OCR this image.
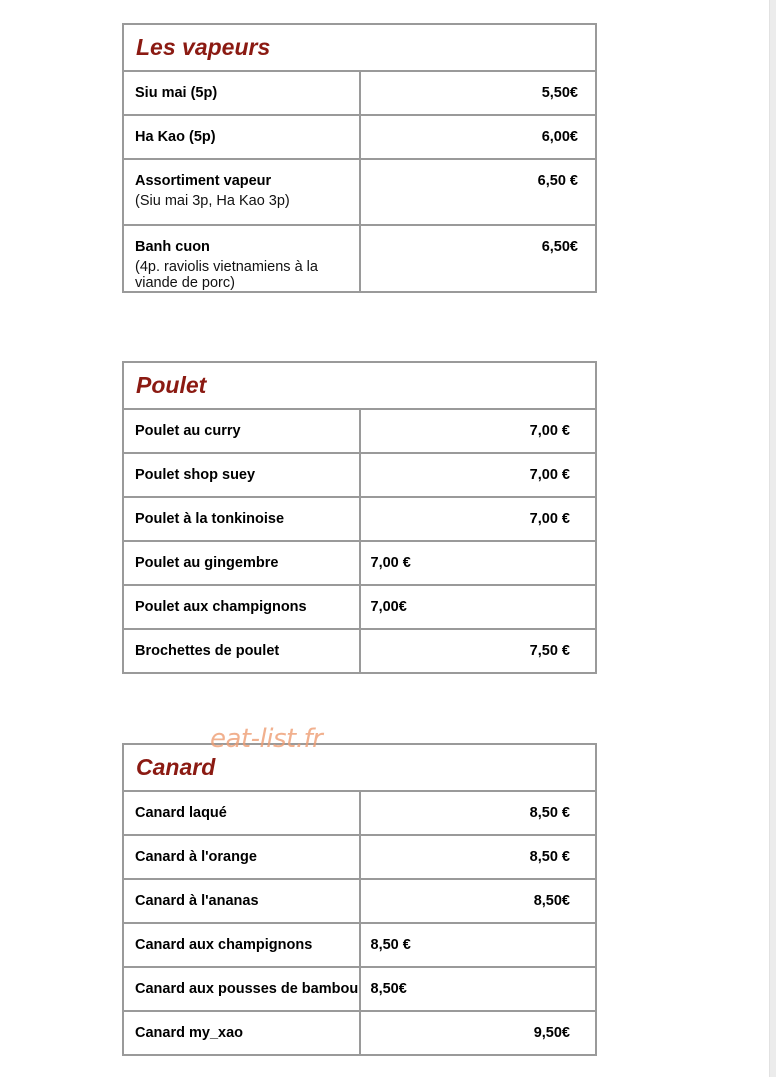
Les vapeurs	

Siu mai (5p)	5,50€

Ha Kao (5p)	6,00€

Assortiment vapeur
(Siu mai 3p, Ha Kao 3p)	6,50 €

Banh cuon
(4p. raviolis vietnamiens à la viande de porc)	6,50€
Poulet	

Poulet au curry	7,00 €

Poulet shop suey	7,00 €

Poulet à la tonkinoise	7,00 €

Poulet au gingembre	7,00 €

Poulet aux champignons	7,00€

Brochettes de poulet	7,50 €
Canard	

Canard laqué	8,50 €

Canard à l'orange	8,50 €

Canard à l'ananas	8,50€

Canard aux champignons	8,50 €

Canard aux pousses de bambou	8,50€

Canard my_xao	9,50€
eat-list.fr
